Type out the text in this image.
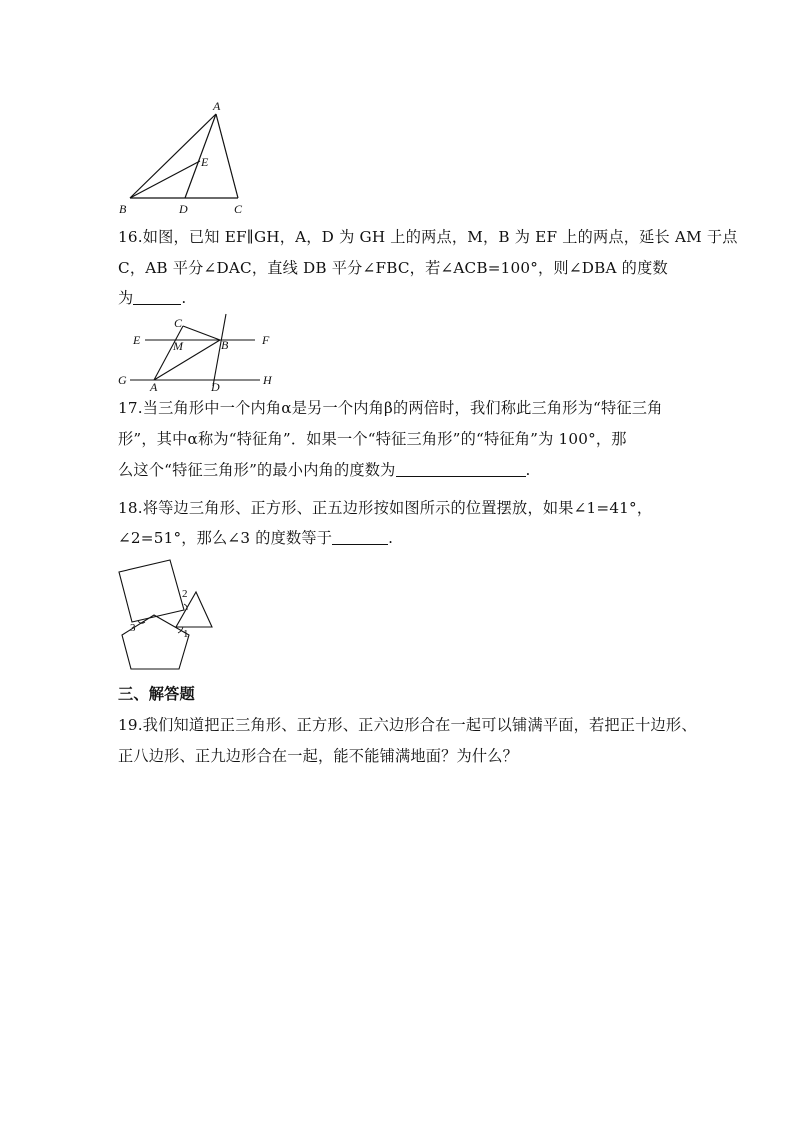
A
E
B	D	C
16.如图，已知 EF∥GH，A，D 为 GH 上的两点，M，B 为 EF 上的两点，延长 AM 于点
C，AB 平分∠DAC，直线 DB 平分∠FBC，若∠ACB=100°，则∠DBA 的度数
为	.
C
E	M	B	F
G A	D	H
17.当三角形中一个内角α是另一个内角β的两倍时，我们称此三角形为“特征三角
形”，其中α称为“特征角”．如果一个“特征三角形”的“特征角”为 100°，那
么这个“特征三角形”的最小内角的度数为	.
18.将等边三角形、正方形、正五边形按如图所示的位置摆放，如果∠1=41°，
∠2=51°，那么∠3 的度数等于	.
1
2
3
三、解答题
19.我们知道把正三角形、正方形、正六边形合在一起可以铺满平面，若把正十边形、
正八边形、正九边形合在一起，能不能铺满地面？为什么？
